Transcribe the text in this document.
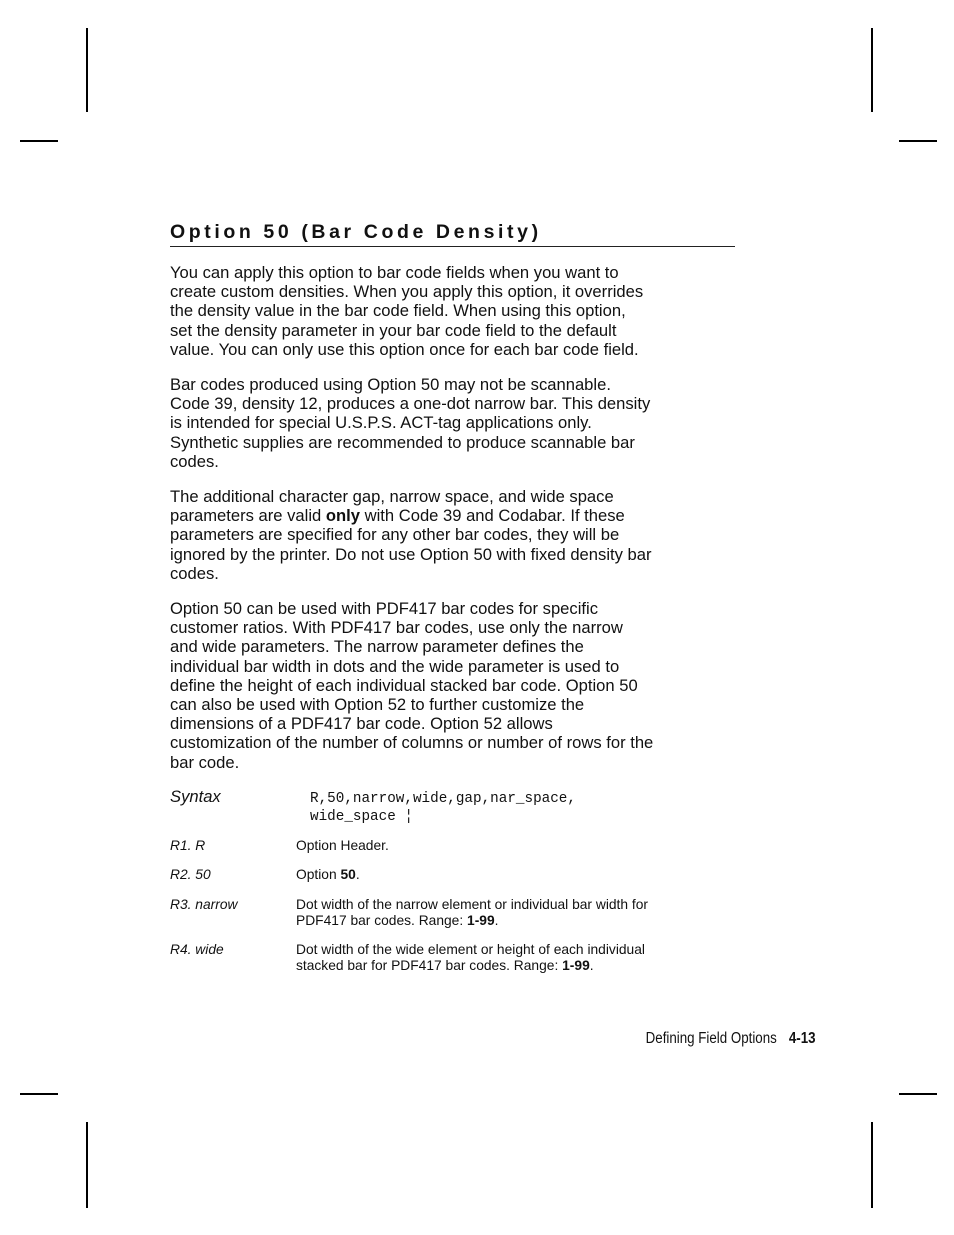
Option 50 (Bar Code Density)

You can apply this option to bar code fields when you want to
create custom densities. When you apply this option, it overrides
the density value in the bar code field. When using this option,
set the density parameter in your bar code field to the default
value. You can only use this option once for each bar code field.

Bar codes produced using Option 50 may not be scannable.
Code 39, density 12, produces a one-dot narrow bar. This density
is intended for special U.S.P.S. ACT-tag applications only.
Synthetic supplies are recommended to produce scannable bar
codes.

The additional character gap, narrow space, and wide space
parameters are valid only with Code 39 and Codabar. If these
parameters are specified for any other bar codes, they will be
ignored by the printer. Do not use Option 50 with fixed density bar
codes.

Option 50 can be used with PDF417 bar codes for specific
customer ratios. With PDF417 bar codes, use only the narrow
and wide parameters. The narrow parameter defines the
individual bar width in dots and the wide parameter is used to
define the height of each individual stacked bar code. Option 50
can also be used with Option 52 to further customize the
dimensions of a PDF417 bar code. Option 52 allows
customization of the number of columns or number of rows for the
bar code.

Syntax	R,50,narrow,wide,gap,nar_space,
wide_space ¦
R1. R	Option Header.
R2. 50	Option 50.
R3. narrow	Dot width of the narrow element or individual bar width for
PDF417 bar codes. Range: 1-99.
R4. wide	Dot width of the wide element or height of each individual
stacked bar for PDF417 bar codes. Range: 1-99.
Defining Field Options 4-13
